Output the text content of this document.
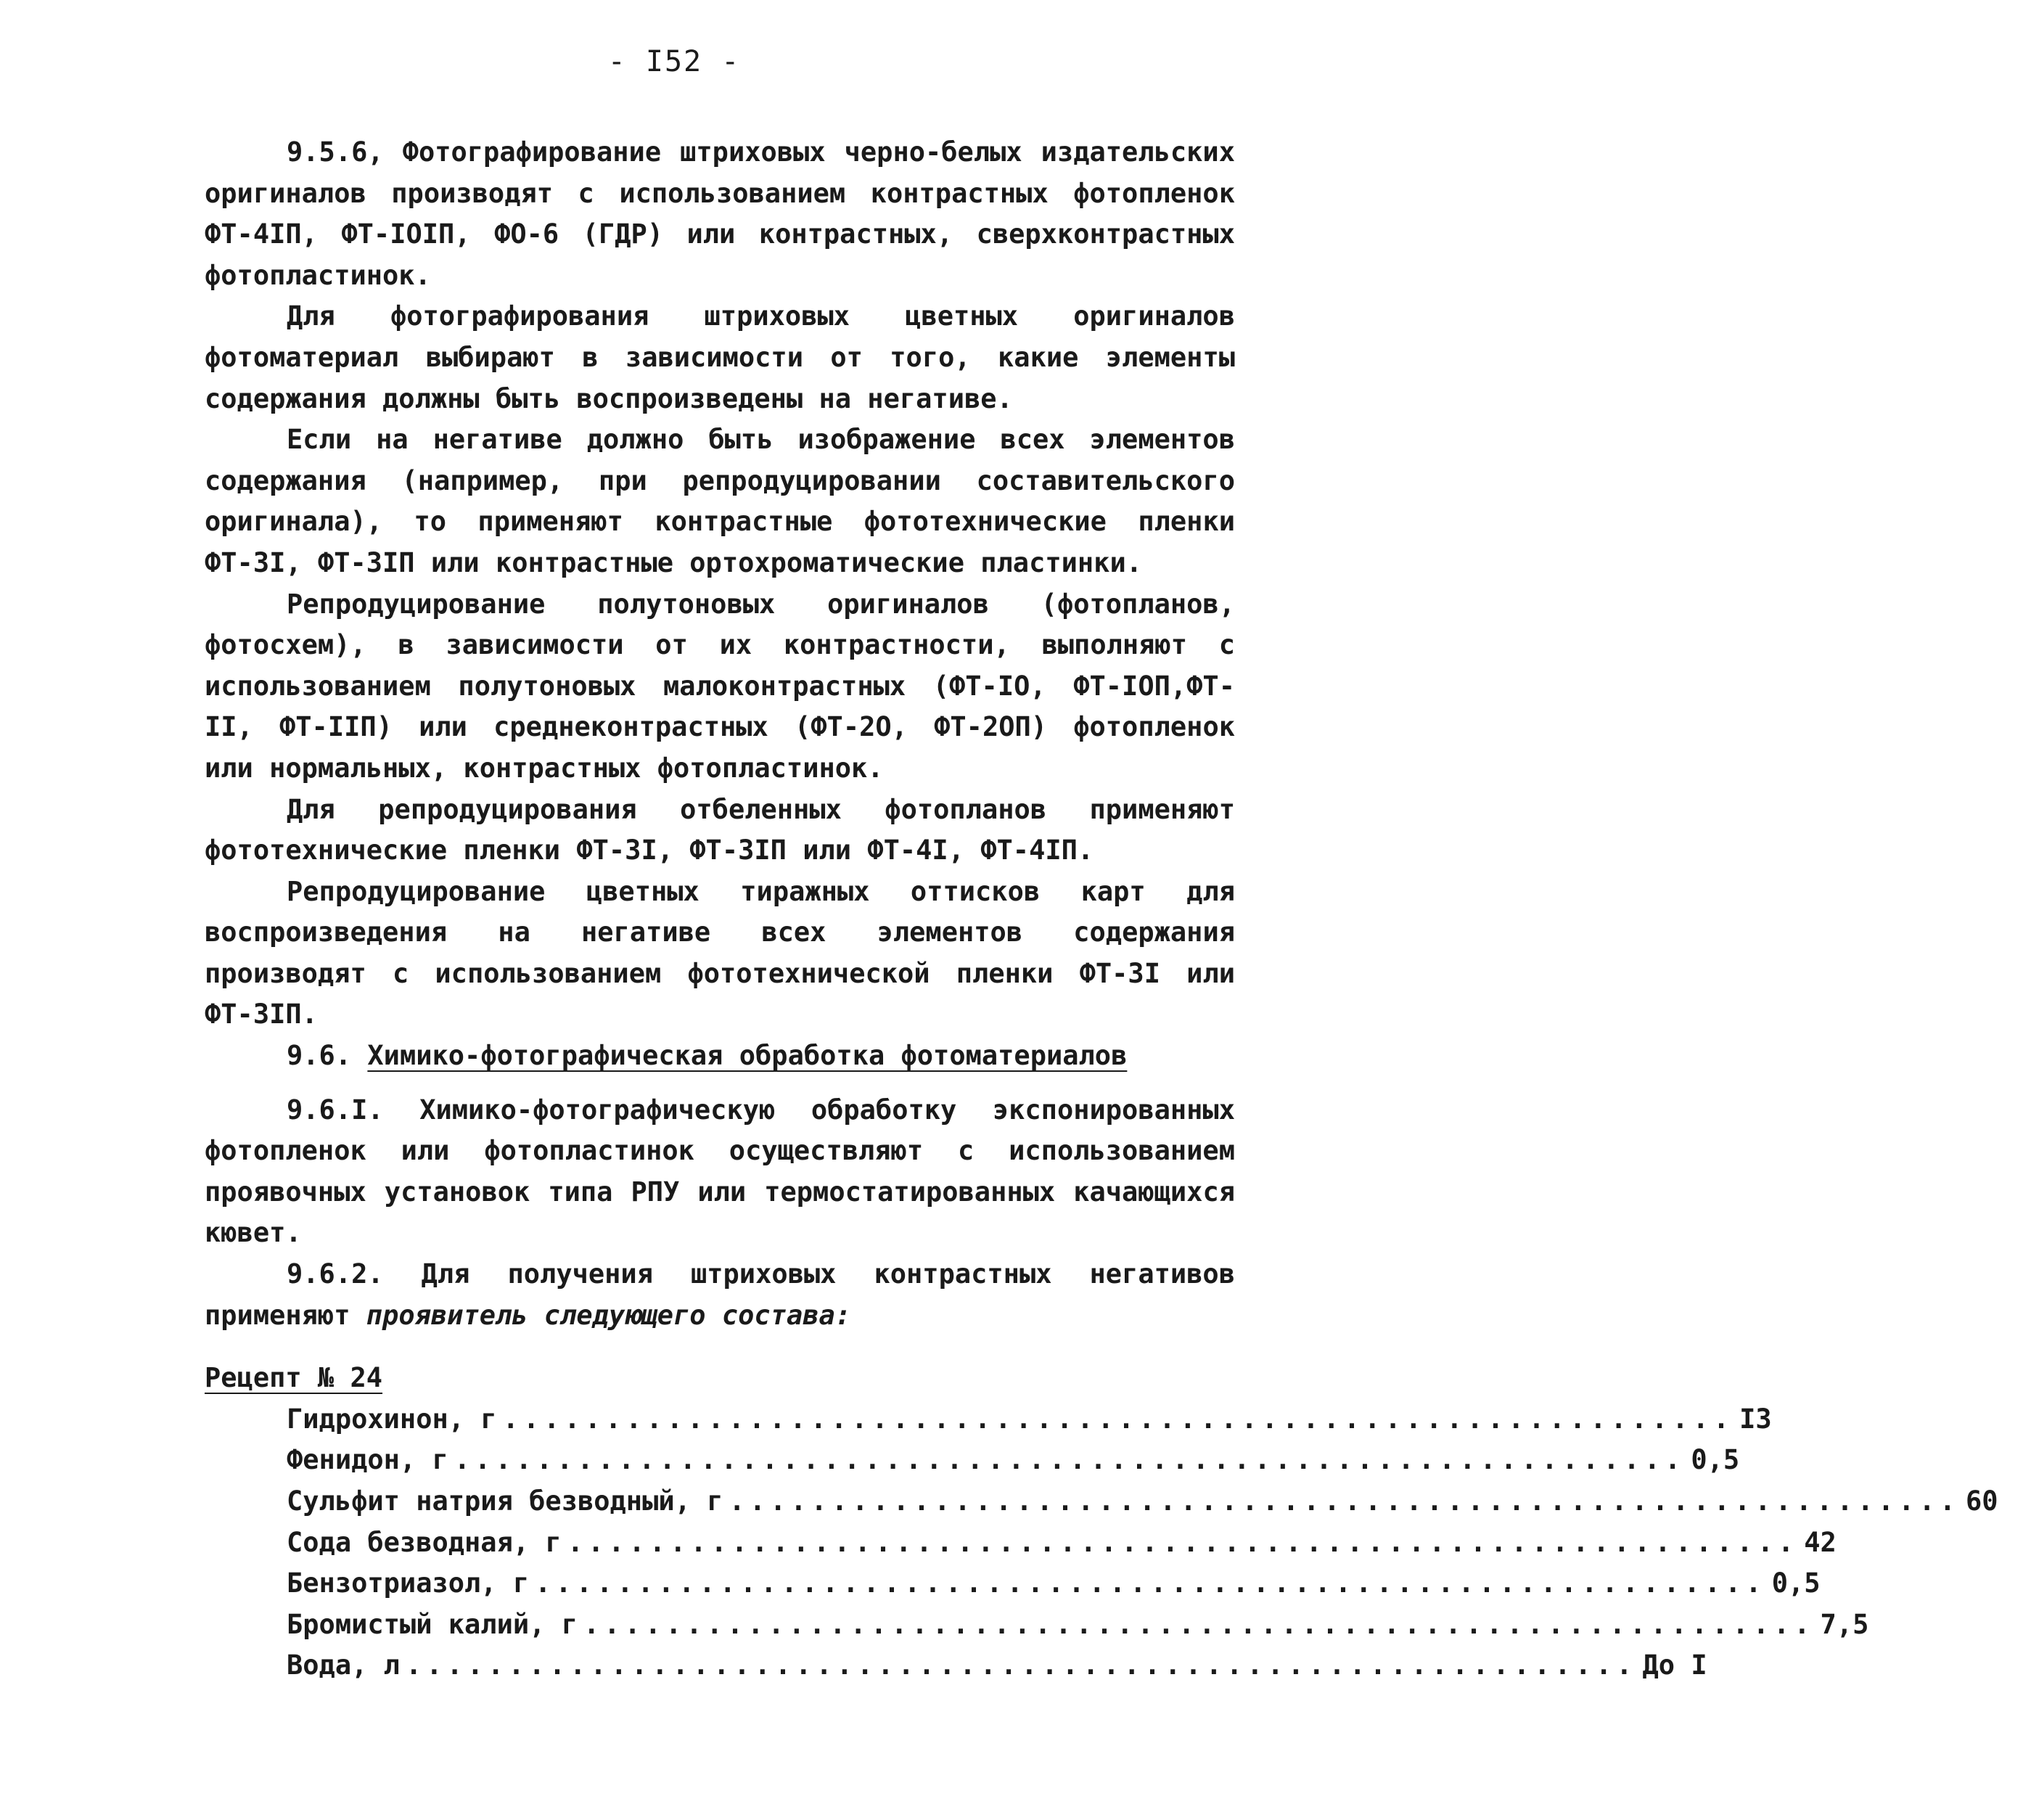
- I52 -

9.5.6, Фотографирование штриховых черно-белых издательских оригиналов производят с использованием контрастных фотопленок ФТ-4IП, ФТ-IOIП, ФО-6 (ГДР) или контрастных, сверхконтрастных фотопластинок.

Для фотографирования штриховых цветных оригиналов фотоматериал выбирают в зависимости от того, какие элементы содержания должны быть воспроизведены на негативе.

Если на негативе должно быть изображение всех элементов содержания (например, при репродуцировании составительского оригинала), то применяют контрастные фототехнические пленки ФТ-3I, ФТ-3IП или контрастные ортохроматические пластинки.

Репродуцирование полутоновых оригиналов (фотопланов, фотосхем), в зависимости от их контрастности, выполняют с использованием полутоновых малоконтрастных (ФТ-IO, ФТ-IOП,ФТ-II, ФТ-IIП) или среднеконтрастных (ФТ-2O, ФТ-2OП) фотопленок или нормальных, контрастных фотопластинок.

Для репродуцирования отбеленных фотопланов применяют фототехнические пленки ФТ-3I, ФТ-3IП или ФТ-4I, ФТ-4IП.

Репродуцирование цветных тиражных оттисков карт для воспроизведения на негативе всех элементов содержания производят с использованием фототехнической пленки ФТ-3I или ФТ-3IП.

9.6. Химико-фотографическая обработка фотоматериалов

9.6.I. Химико-фотографическую обработку экспонированных фотопленок или фотопластинок осуществляют с использованием проявочных установок типа РПУ или термостатированных качающихся кювет.

9.6.2. Для получения штриховых контрастных негативов применяют проявитель следующего состава:

Рецепт № 24

Гидрохинон, г ............................................................ I3
Фенидон, г ............................................................ 0,5
Сульфит натрия безводный, г ............................................................ 60
Сода безводная, г ............................................................ 42
Бензотриазол, г ............................................................ 0,5
Бромистый калий, г ............................................................ 7,5
Вода, л ............................................................ До I
